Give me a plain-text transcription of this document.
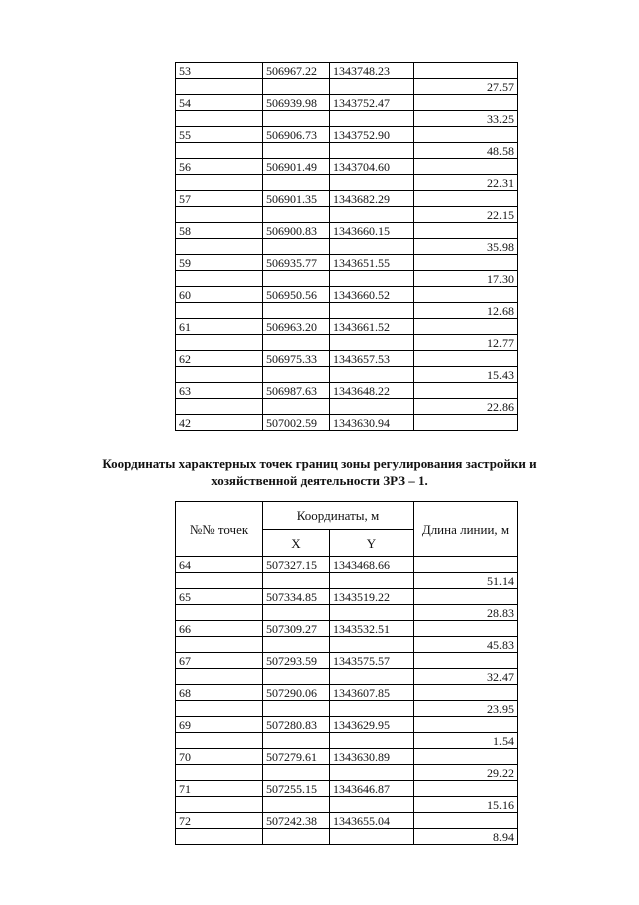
53	506967.22	1343748.23	
			27.57
54	506939.98	1343752.47	
			33.25
55	506906.73	1343752.90	
			48.58
56	506901.49	1343704.60	
			22.31
57	506901.35	1343682.29	
			22.15
58	506900.83	1343660.15	
			35.98
59	506935.77	1343651.55	
			17.30
60	506950.56	1343660.52	
			12.68
61	506963.20	1343661.52	
			12.77
62	506975.33	1343657.53	
			15.43
63	506987.63	1343648.22	
			22.86
42	507002.59	1343630.94	

Координаты характерных точек границ зоны регулирования застройки и
хозяйственной деятельности ЗРЗ – 1.

№№ точек	Координаты, м		Длина линии, м
	X	Y	
64	507327.15	1343468.66	
			51.14
65	507334.85	1343519.22	
			28.83
66	507309.27	1343532.51	
			45.83
67	507293.59	1343575.57	
			32.47
68	507290.06	1343607.85	
			23.95
69	507280.83	1343629.95	
			1.54
70	507279.61	1343630.89	
			29.22
71	507255.15	1343646.87	
			15.16
72	507242.38	1343655.04	
			8.94
